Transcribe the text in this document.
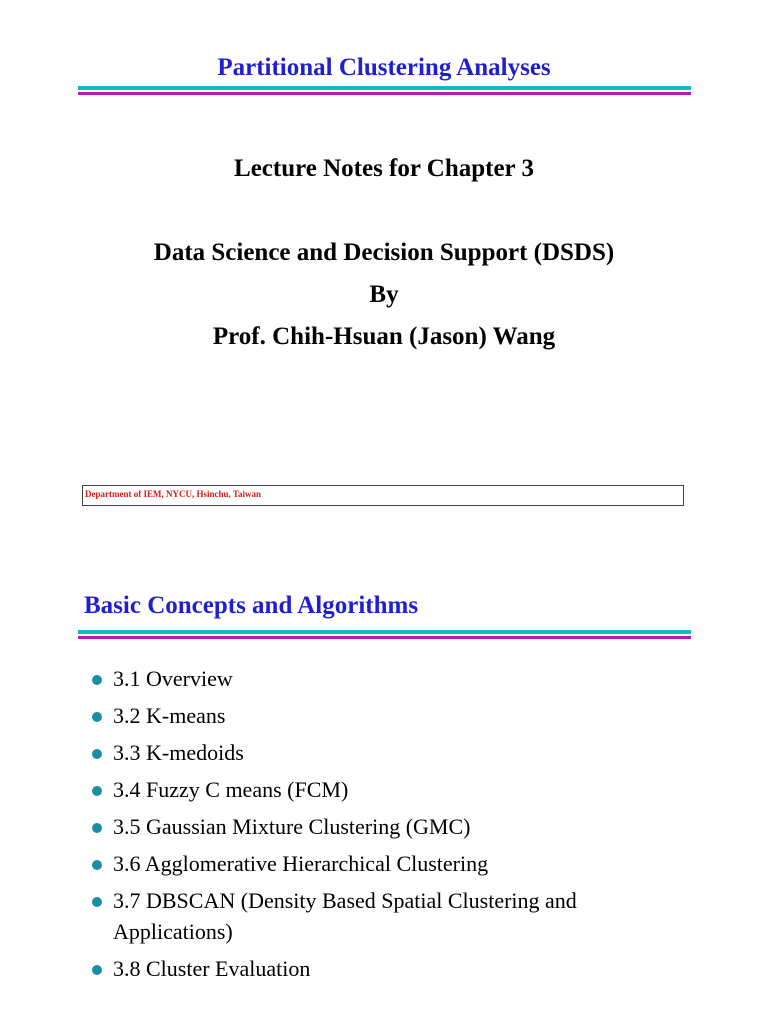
Partitional Clustering Analyses
Lecture Notes for Chapter 3
Data Science and Decision Support (DSDS)
By
Prof. Chih-Hsuan (Jason) Wang
Department of IEM, NYCU, Hsinchu, Taiwan
Basic Concepts and Algorithms
3.1 Overview
3.2 K-means
3.3 K-medoids
3.4 Fuzzy C means (FCM)
3.5 Gaussian Mixture Clustering (GMC)
3.6 Agglomerative Hierarchical Clustering
3.7 DBSCAN (Density Based Spatial Clustering and Applications)
3.8 Cluster Evaluation
